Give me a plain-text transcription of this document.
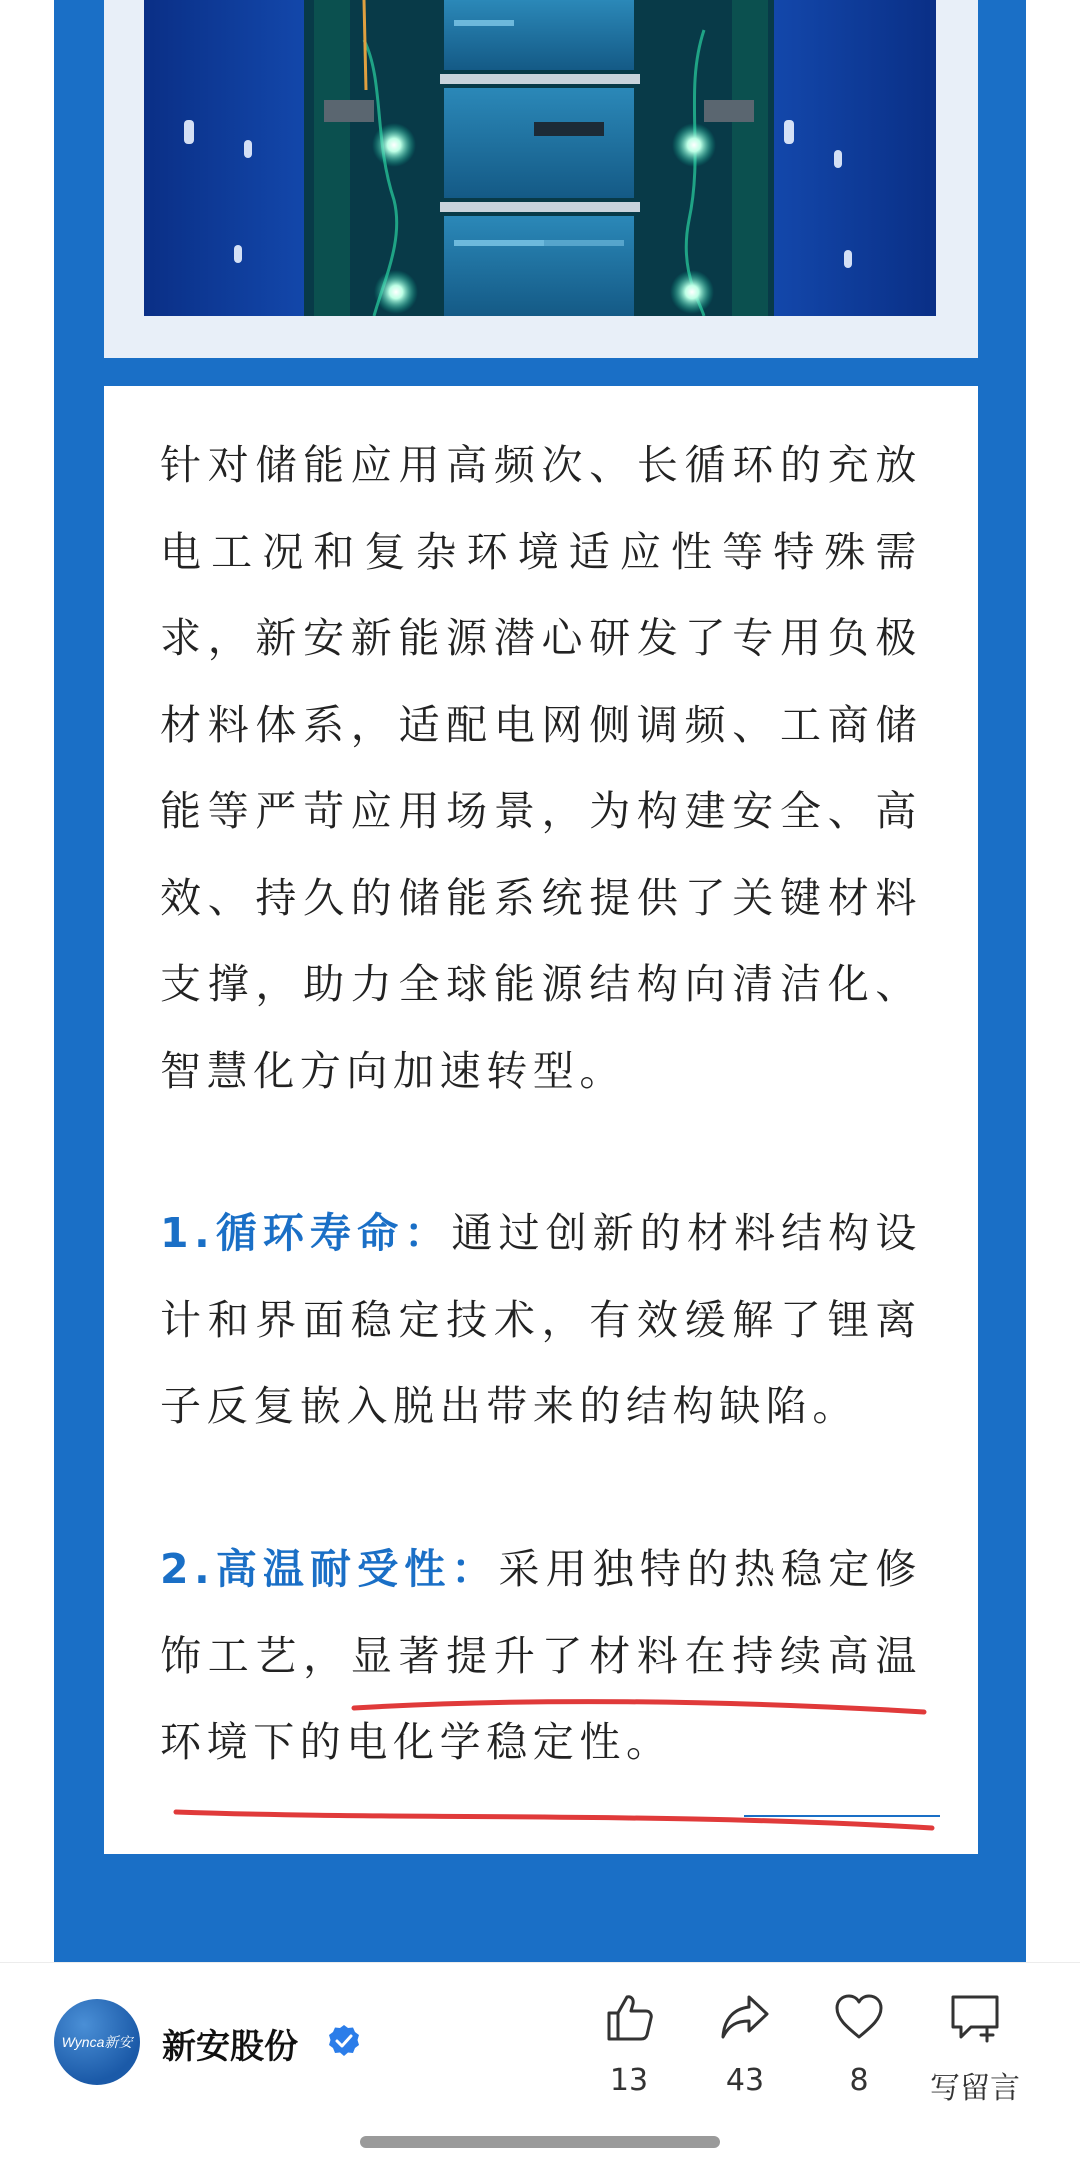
针对储能应用高频次、长循环的充放
电工况和复杂环境适应性等特殊需
求，新安新能源潜心研发了专用负极
材料体系，适配电网侧调频、工商储
能等严苛应用场景，为构建安全、高
效、持久的储能系统提供了关键材料
支撑，助力全球能源结构向清洁化、
智慧化方向加速转型。
1.循环寿命：通过创新的材料结构设
计和界面稳定技术，有效缓解了锂离
子反复嵌入脱出带来的结构缺陷。
2.高温耐受性：采用独特的热稳定修
饰工艺，显著提升了材料在持续高温
环境下的电化学稳定性。
Wynca新安 新安股份
13	43	8	写留言
